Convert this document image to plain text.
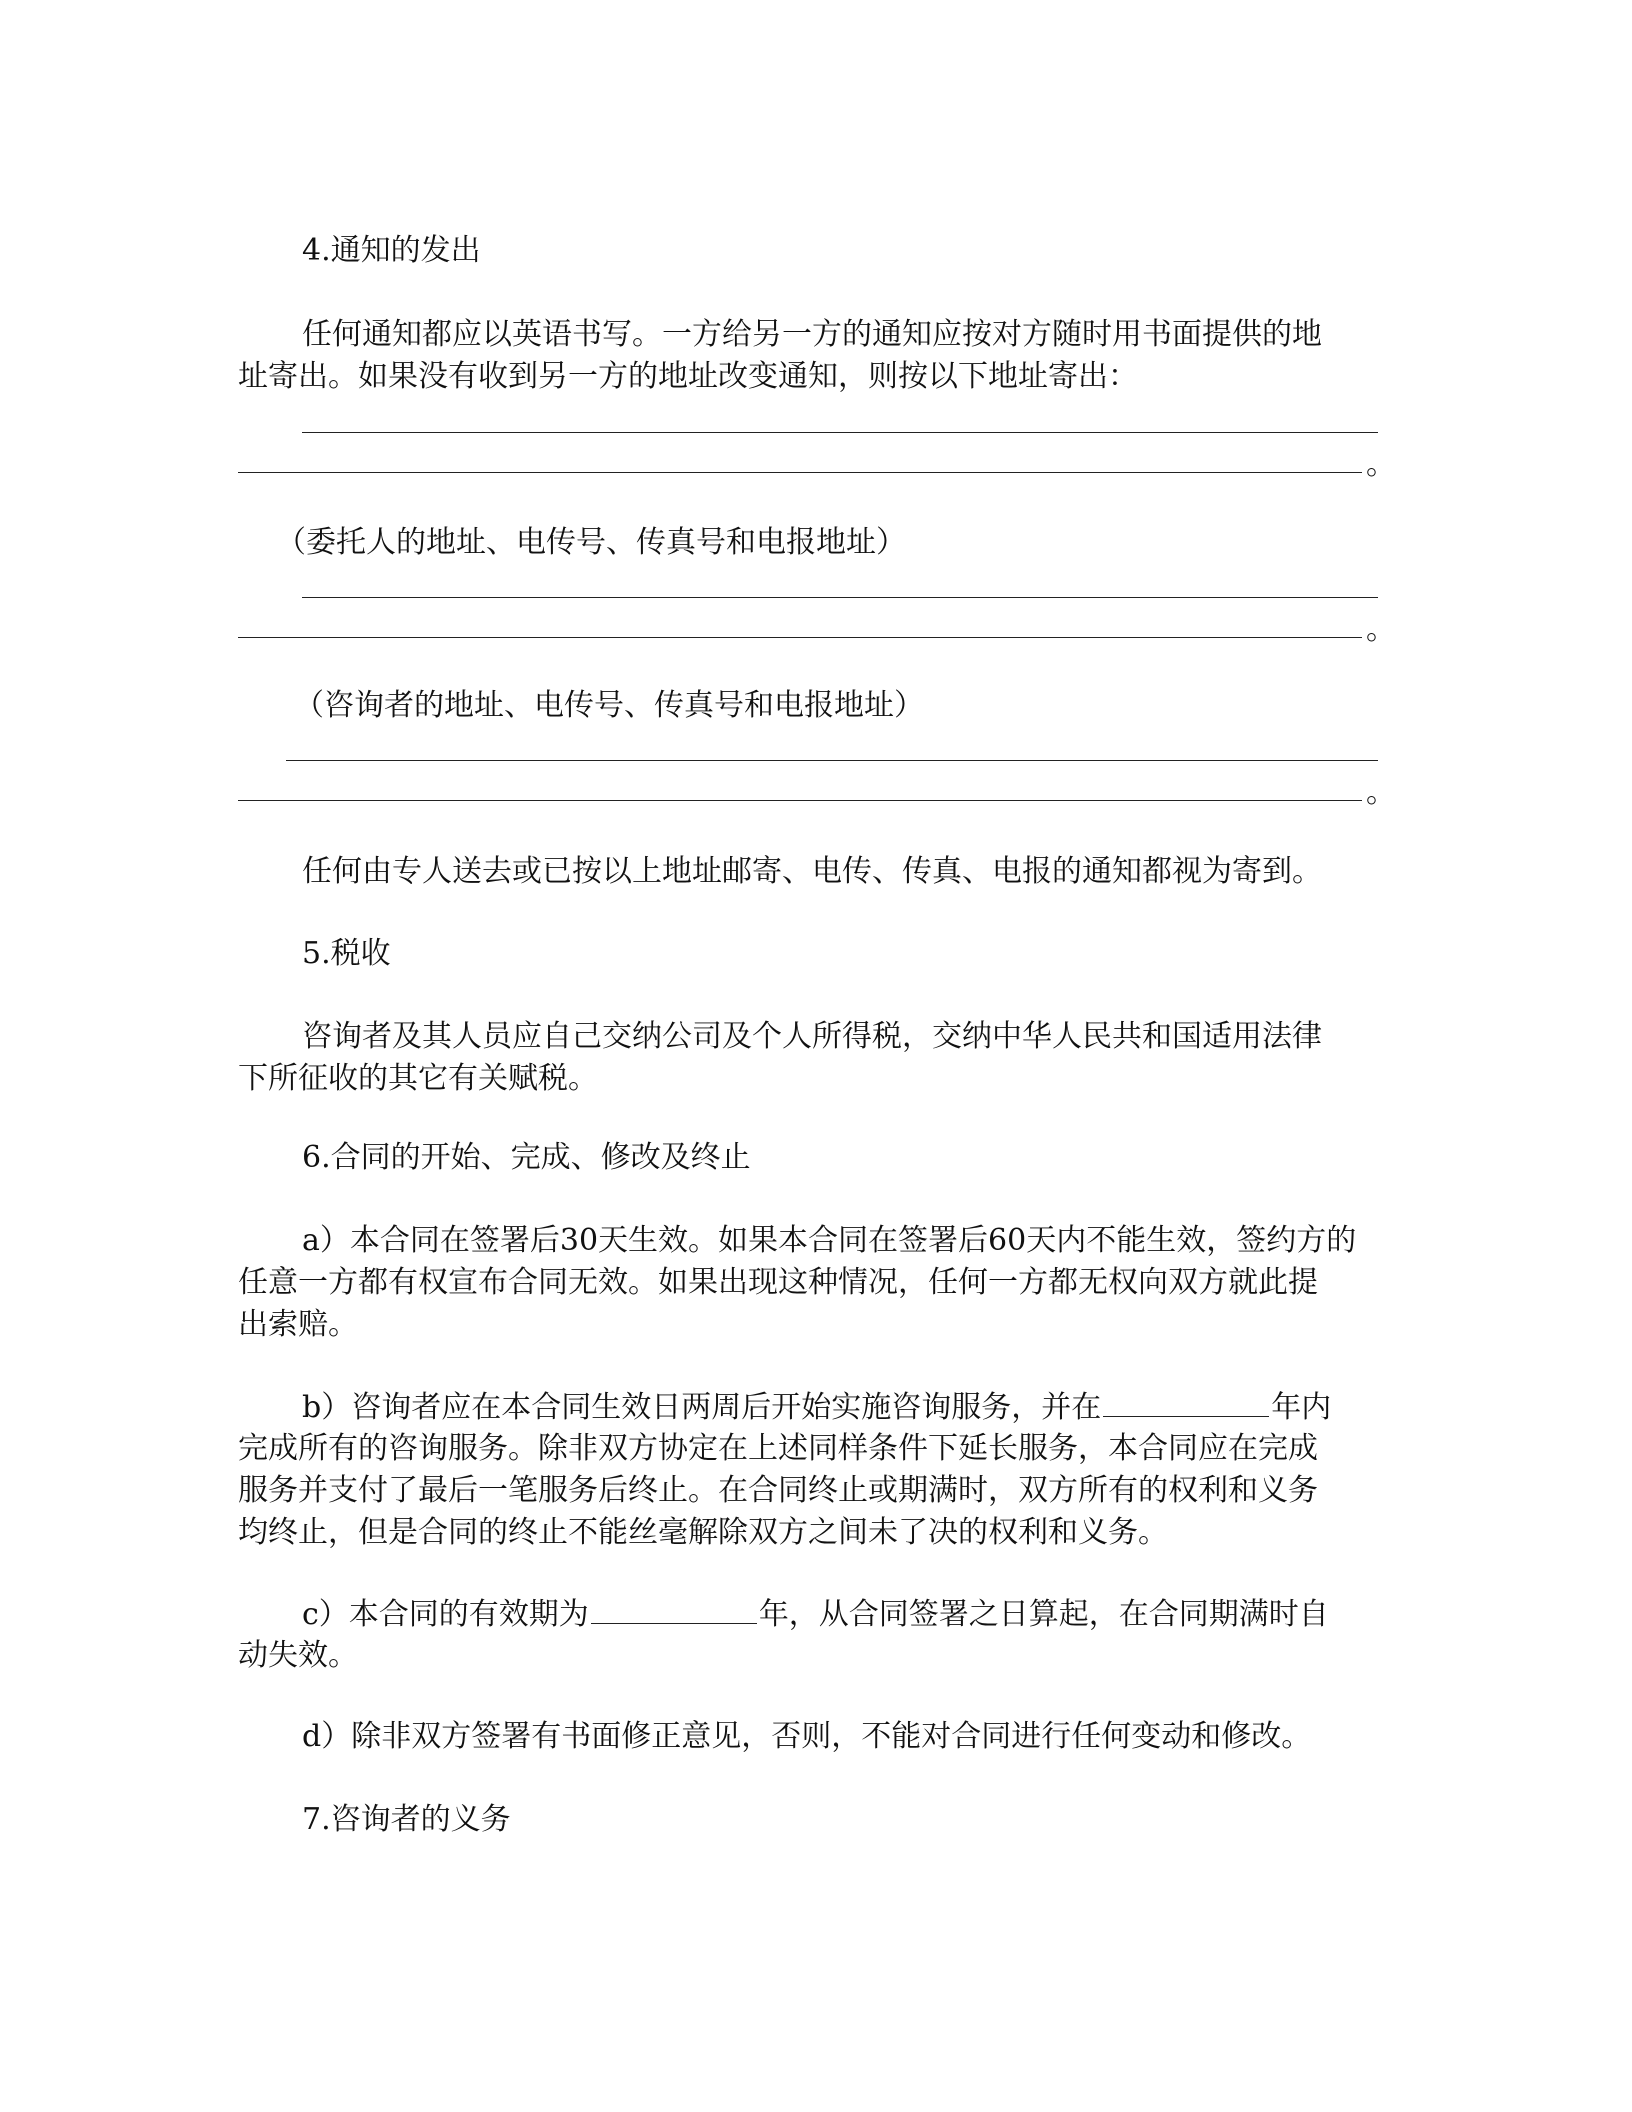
4.通知的发出
任何通知都应以英语书写。一方给另一方的通知应按对方随时用书面提供的地
址寄出。如果没有收到另一方的地址改变通知，则按以下地址寄出：
。
（委托人的地址、电传号、传真号和电报地址）
。
（咨询者的地址、电传号、传真号和电报地址）
。
任何由专人送去或已按以上地址邮寄、电传、传真、电报的通知都视为寄到。
5.税收
咨询者及其人员应自己交纳公司及个人所得税，交纳中华人民共和国适用法律
下所征收的其它有关赋税。
6.合同的开始、完成、修改及终止
a）本合同在签署后30天生效。如果本合同在签署后60天内不能生效，签约方的
任意一方都有权宣布合同无效。如果出现这种情况，任何一方都无权向双方就此提
出索赔。
b）咨询者应在本合同生效日两周后开始实施咨询服务，并在	年内
完成所有的咨询服务。除非双方协定在上述同样条件下延长服务，本合同应在完成
服务并支付了最后一笔服务后终止。在合同终止或期满时，双方所有的权利和义务
均终止，但是合同的终止不能丝毫解除双方之间未了决的权利和义务。
c）本合同的有效期为	年，从合同签署之日算起，在合同期满时自
动失效。
d）除非双方签署有书面修正意见，否则，不能对合同进行任何变动和修改。
7.咨询者的义务
